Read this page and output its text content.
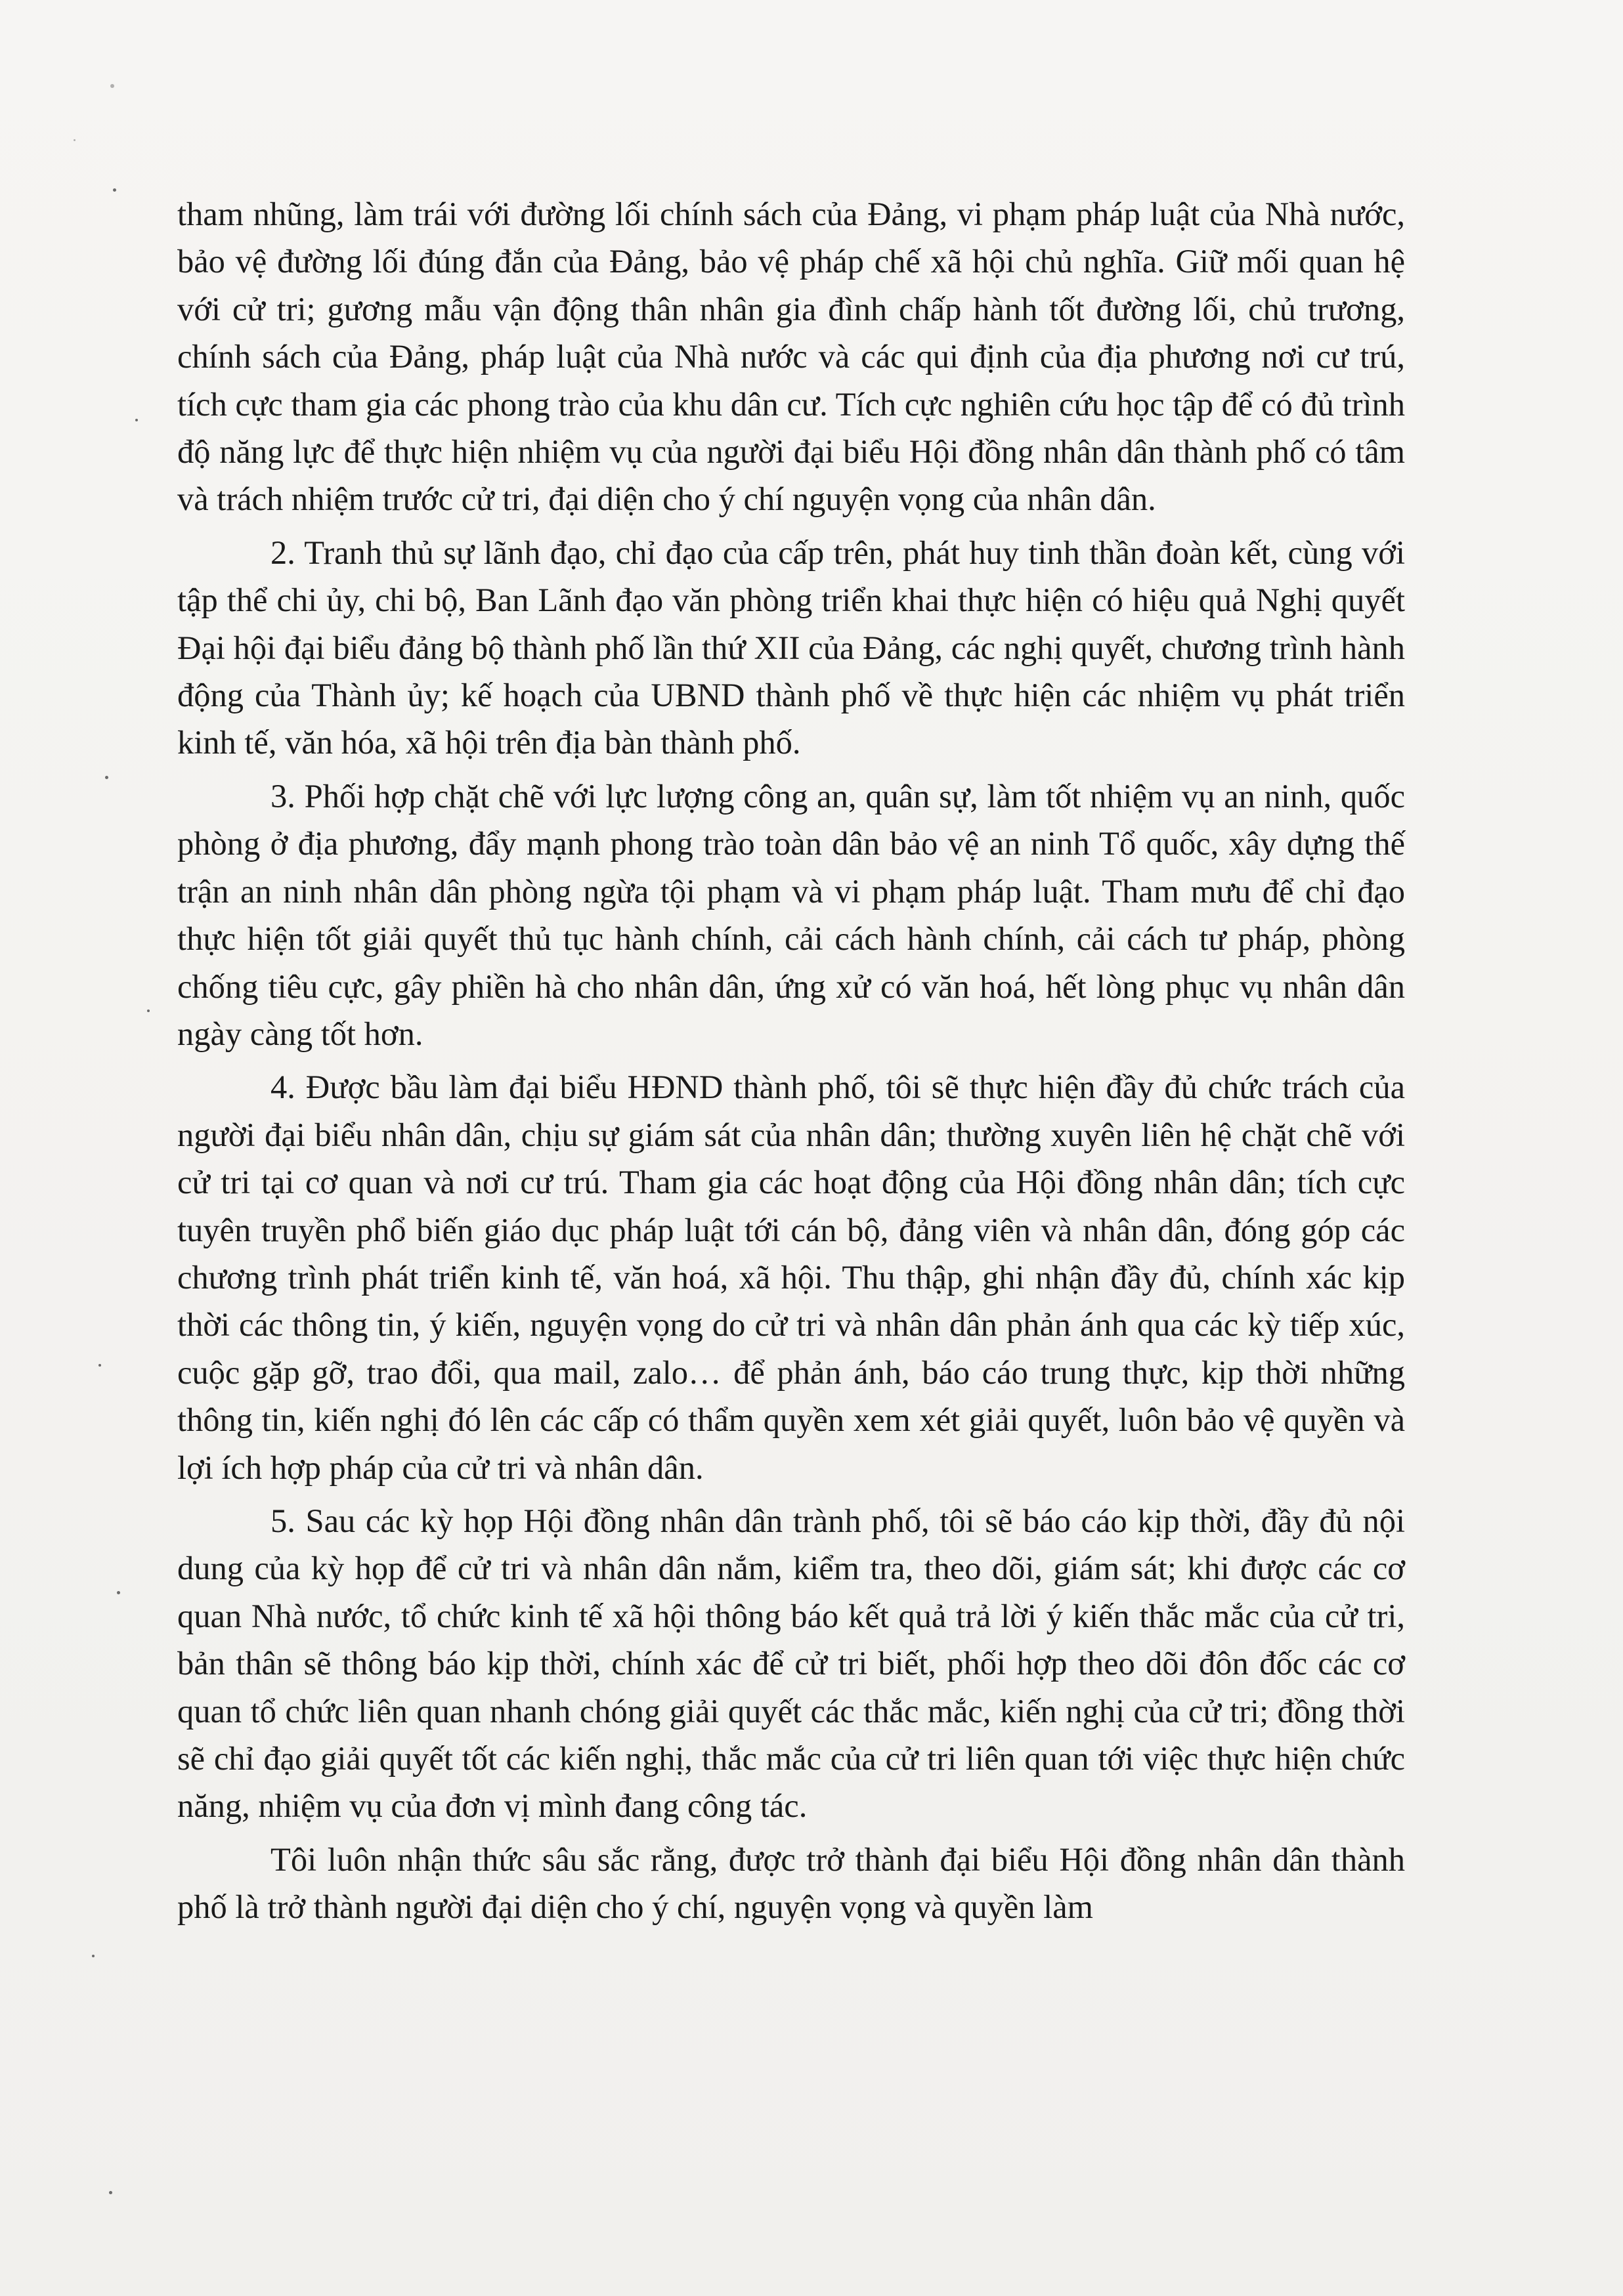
tham nhũng, làm trái với đường lối chính sách của Đảng, vi phạm pháp luật của Nhà nước, bảo vệ đường lối đúng đắn của Đảng, bảo vệ pháp chế xã hội chủ nghĩa. Giữ mối quan hệ với cử tri; gương mẫu vận động thân nhân gia đình chấp hành tốt đường lối, chủ trương, chính sách của Đảng, pháp luật của Nhà nước và các qui định của địa phương nơi cư trú, tích cực tham gia các phong trào của khu dân cư. Tích cực nghiên cứu học tập để có đủ trình độ năng lực để thực hiện nhiệm vụ của người đại biểu Hội đồng nhân dân thành phố có tâm và trách nhiệm trước cử tri, đại diện cho ý chí nguyện vọng của nhân dân.

2. Tranh thủ sự lãnh đạo, chỉ đạo của cấp trên, phát huy tinh thần đoàn kết, cùng với tập thể chi ủy, chi bộ, Ban Lãnh đạo văn phòng triển khai thực hiện có hiệu quả Nghị quyết Đại hội đại biểu đảng bộ thành phố lần thứ XII của Đảng, các nghị quyết, chương trình hành động của Thành ủy; kế hoạch của UBND thành phố về thực hiện các nhiệm vụ phát triển kinh tế, văn hóa, xã hội trên địa bàn thành phố.

3. Phối hợp chặt chẽ với lực lượng công an, quân sự, làm tốt nhiệm vụ an ninh, quốc phòng ở địa phương, đẩy mạnh phong trào toàn dân bảo vệ an ninh Tổ quốc, xây dựng thế trận an ninh nhân dân phòng ngừa tội phạm và vi phạm pháp luật. Tham mưu để chỉ đạo thực hiện tốt giải quyết thủ tục hành chính, cải cách hành chính, cải cách tư pháp, phòng chống tiêu cực, gây phiền hà cho nhân dân, ứng xử có văn hoá, hết lòng phục vụ nhân dân ngày càng tốt hơn.

4. Được bầu làm đại biểu HĐND thành phố, tôi sẽ thực hiện đầy đủ chức trách của người đại biểu nhân dân, chịu sự giám sát của nhân dân; thường xuyên liên hệ chặt chẽ với cử tri tại cơ quan và nơi cư trú. Tham gia các hoạt động của Hội đồng nhân dân; tích cực tuyên truyền phổ biến giáo dục pháp luật tới cán bộ, đảng viên và nhân dân, đóng góp các chương trình phát triển kinh tế, văn hoá, xã hội. Thu thập, ghi nhận đầy đủ, chính xác kịp thời các thông tin, ý kiến, nguyện vọng do cử tri và nhân dân phản ánh qua các kỳ tiếp xúc, cuộc gặp gỡ, trao đổi, qua mail, zalo… để phản ánh, báo cáo trung thực, kịp thời những thông tin, kiến nghị đó lên các cấp có thẩm quyền xem xét giải quyết, luôn bảo vệ quyền và lợi ích hợp pháp của cử tri và nhân dân.

5. Sau các kỳ họp Hội đồng nhân dân trành phố, tôi sẽ báo cáo kịp thời, đầy đủ nội dung của kỳ họp để cử tri và nhân dân nắm, kiểm tra, theo dõi, giám sát; khi được các cơ quan Nhà nước, tổ chức kinh tế xã hội thông báo kết quả trả lời ý kiến thắc mắc của cử tri, bản thân sẽ thông báo kịp thời, chính xác để cử tri biết, phối hợp theo dõi đôn đốc các cơ quan tổ chức liên quan nhanh chóng giải quyết các thắc mắc, kiến nghị của cử tri; đồng thời sẽ chỉ đạo giải quyết tốt các kiến nghị, thắc mắc của cử tri liên quan tới việc thực hiện chức năng, nhiệm vụ của đơn vị mình đang công tác.

Tôi luôn nhận thức sâu sắc rằng, được trở thành đại biểu Hội đồng nhân dân thành phố là trở thành người đại diện cho ý chí, nguyện vọng và quyền làm
